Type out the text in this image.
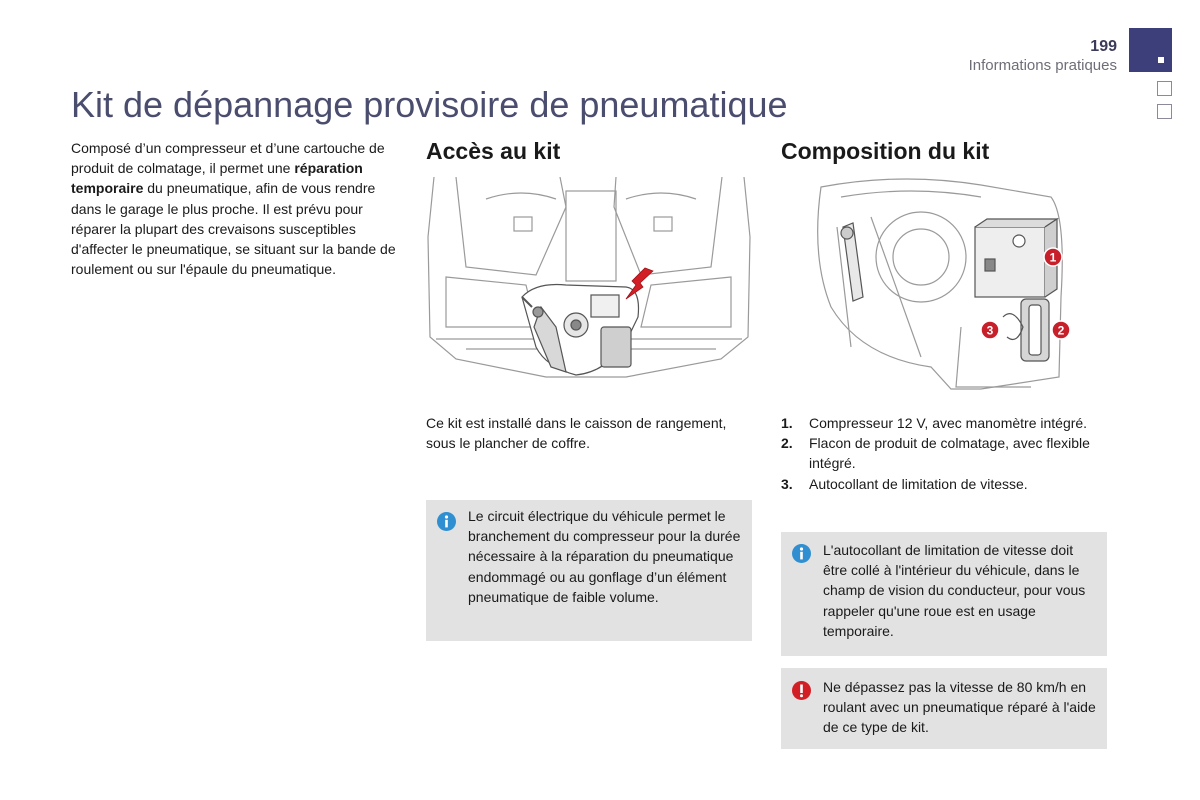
199
Informations pratiques
Kit de dépannage provisoire de pneumatique

Composé d’un compresseur et d’une cartouche de produit de colmatage, il permet une réparation temporaire du pneumatique, afin de vous rendre dans le garage le plus proche. Il est prévu pour réparer la plupart des crevaisons susceptibles d'affecter le pneumatique, se situant sur la bande de roulement ou sur l'épaule du pneumatique.

Accès au kit

Ce kit est installé dans le caisson de rangement, sous le plancher de coffre.

Le circuit électrique du véhicule permet le branchement du compresseur pour la durée nécessaire à la réparation du pneumatique endommagé ou au gonflage d’un élément pneumatique de faible volume.

Composition du kit
1
2
3
1. Compresseur 12 V, avec manomètre intégré.
2. Flacon de produit de colmatage, avec flexible intégré.
3. Autocollant de limitation de vitesse.

L'autocollant de limitation de vitesse doit être collé à l'intérieur du véhicule, dans le champ de vision du conducteur, pour vous rappeler qu'une roue est en usage temporaire.

Ne dépassez pas la vitesse de 80 km/h en roulant avec un pneumatique réparé à l'aide de ce type de kit.
